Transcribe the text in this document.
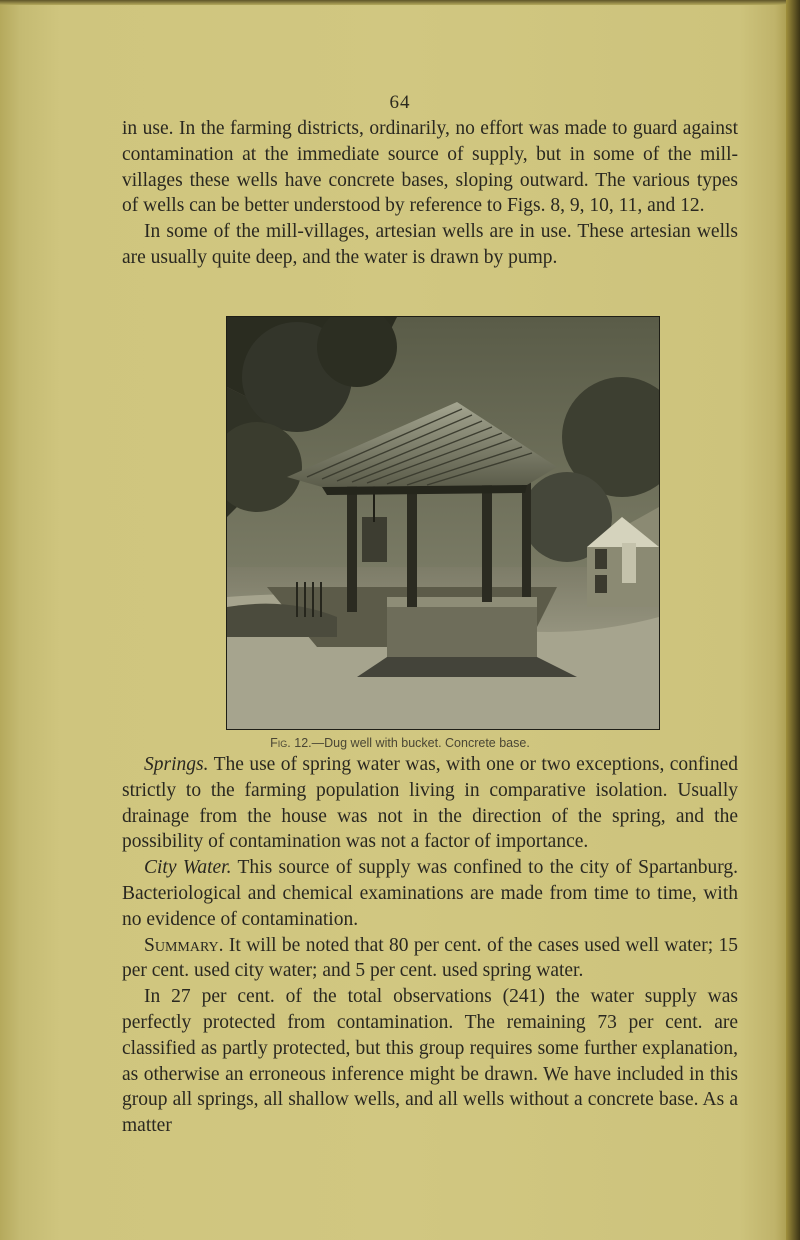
64

in use. In the farming districts, ordinarily, no effort was made to guard against contamination at the immediate source of supply, but in some of the mill-villages these wells have concrete bases, sloping outward. The various types of wells can be better understood by reference to Figs. 8, 9, 10, 11, and 12.

In some of the mill-villages, artesian wells are in use. These artesian wells are usually quite deep, and the water is drawn by pump.

Fig. 12.—Dug well with bucket. Concrete base.

Springs. The use of spring water was, with one or two exceptions, confined strictly to the farming population living in comparative isolation. Usually drainage from the house was not in the direction of the spring, and the possibility of contamination was not a factor of importance.

City Water. This source of supply was confined to the city of Spartanburg. Bacteriological and chemical examinations are made from time to time, with no evidence of contamination.

Summary. It will be noted that 80 per cent. of the cases used well water; 15 per cent. used city water; and 5 per cent. used spring water.

In 27 per cent. of the total observations (241) the water supply was perfectly protected from contamination. The remaining 73 per cent. are classified as partly protected, but this group requires some further explanation, as otherwise an erroneous inference might be drawn. We have included in this group all springs, all shallow wells, and all wells without a concrete base. As a matter
